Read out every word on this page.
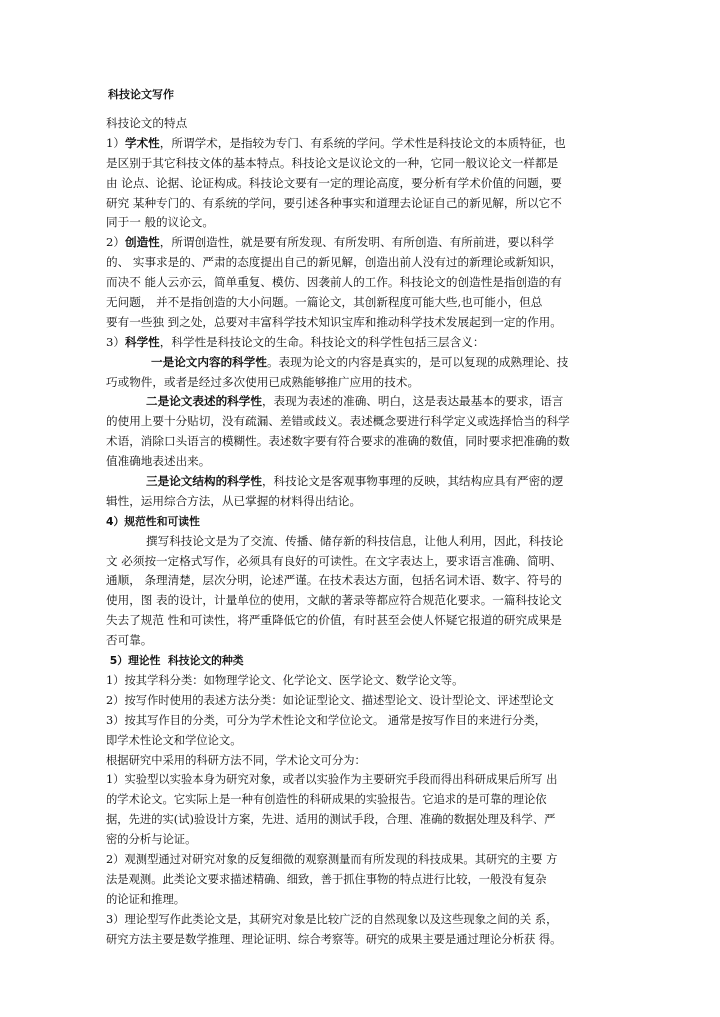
科技论文写作
科技论文的特点
1）学术性，所谓学术，是指较为专门、有系统的学问。学术性是科技论文的本质特征，也
是区别于其它科技文体的基本特点。科技论文是议论文的一种，它同一般议论文一样都是
由 论点、论据、论证构成。科技论文要有一定的理论高度，要分析有学术价值的问题，要
研究 某种专门的、有系统的学问，要引述各种事实和道理去论证自己的新见解，所以它不
同于一 般的议论文。
2）创造性，所谓创造性，就是要有所发现、有所发明、有所创造、有所前进，要以科学
的、 实事求是的、严肃的态度提出自己的新见解，创造出前人没有过的新理论或新知识，
而决不 能人云亦云，简单重复、模仿、因袭前人的工作。科技论文的创造性是指创造的有
无问题， 并不是指创造的大小问题。一篇论文，其创新程度可能大些,也可能小，但总
要有一些独 到之处，总要对丰富科学技术知识宝库和推动科学技术发展起到一定的作用。
3）科学性，科学性是科技论文的生命。科技论文的科学性包括三层含义：
一是论文内容的科学性。表现为论文的内容是真实的，是可以复现的成熟理论、技
巧或物件，或者是经过多次使用已成熟能够推广应用的技术。
二是论文表述的科学性，表现为表述的准确、明白，这是表达最基本的要求，语言
的使用上要十分贴切，没有疏漏、差错或歧义。表述概念要进行科学定义或选择恰当的科学
术语，消除口头语言的模糊性。表述数字要有符合要求的准确的数值，同时要求把准确的数
值准确地表述出来。
三是论文结构的科学性，科技论文是客观事物事理的反映，其结构应具有严密的逻
辑性，运用综合方法，从已掌握的材料得出结论。
4）规范性和可读性
撰写科技论文是为了交流、传播、储存新的科技信息，让他人利用，因此，科技论
文 必须按一定格式写作，必须具有良好的可读性。在文字表达上，要求语言准确、简明、
通顺， 条理清楚，层次分明，论述严谨。在技术表达方面，包括名词术语、数字、符号的
使用，图 表的设计，计量单位的使用，文献的著录等都应符合规范化要求。一篇科技论文
失去了规范 性和可读性，将严重降低它的价值，有时甚至会使人怀疑它报道的研究成果是
否可靠。
5）理论性  科技论文的种类
1）按其学科分类：如物理学论文、化学论文、医学论文、数学论文等。
2）按写作时使用的表述方法分类：如论证型论文、描述型论文、设计型论文、评述型论文
3）按其写作目的分类，可分为学术性论文和学位论文。 通常是按写作目的来进行分类，
即学术性论文和学位论文。
根据研究中采用的科研方法不同，学术论文可分为：
1）实验型以实验本身为研究对象，或者以实验作为主要研究手段而得出科研成果后所写 出
的学术论文。它实际上是一种有创造性的科研成果的实验报告。它追求的是可靠的理论依
据，先进的实(试)验设计方案，先进、适用的测试手段，合理、准确的数据处理及科学、严
密的分析与论证。
2）观测型通过对研究对象的反复细微的观察测量而有所发现的科技成果。其研究的主要 方
法是观测。此类论文要求描述精确、细致，善于抓住事物的特点进行比较，一般没有复杂
的论证和推理。
3）理论型写作此类论文是，其研究对象是比较广泛的自然现象以及这些现象之间的关 系，
研究方法主要是数学推理、理论证明、综合考察等。研究的成果主要是通过理论分析获 得。
